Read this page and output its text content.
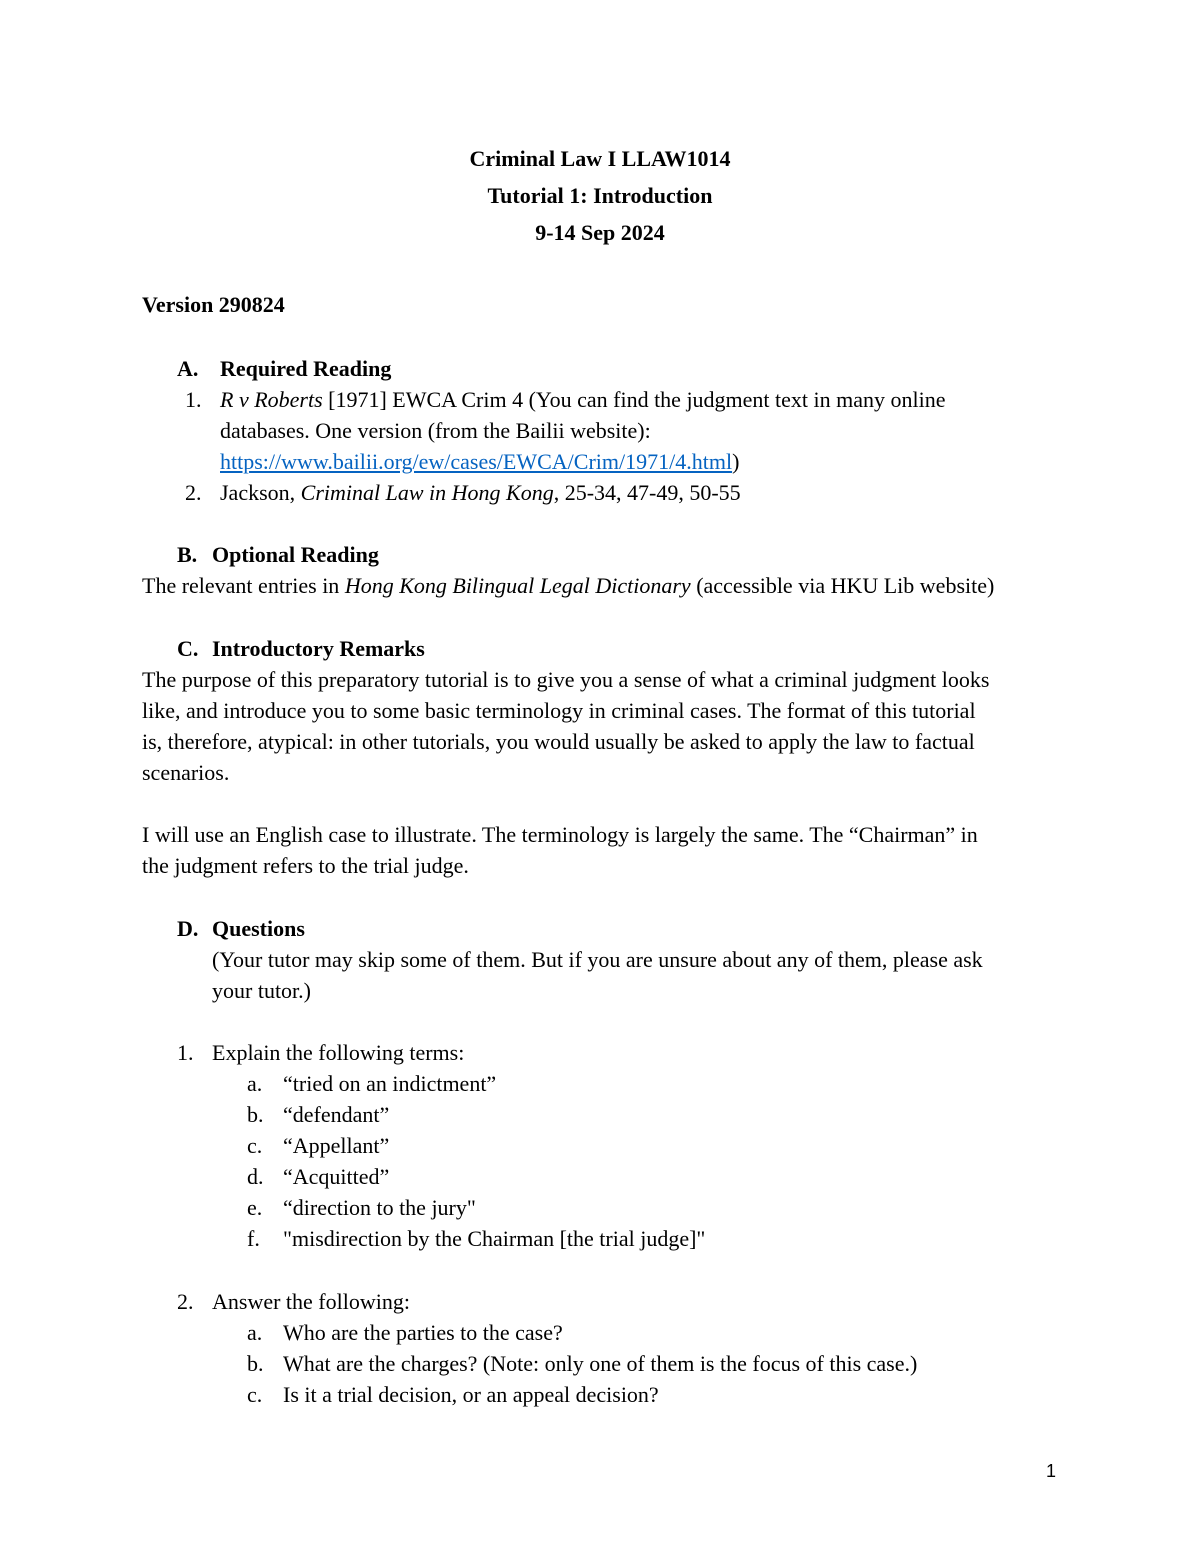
Criminal Law I LLAW1014
Tutorial 1: Introduction
9-14 Sep 2024
Version 290824
A. Required Reading
1. R v Roberts [1971] EWCA Crim 4 (You can find the judgment text in many online
databases. One version (from the Bailii website):
https://www.bailii.org/ew/cases/EWCA/Crim/1971/4.html)
2. Jackson, Criminal Law in Hong Kong, 25-34, 47-49, 50-55
B. Optional Reading
The relevant entries in Hong Kong Bilingual Legal Dictionary (accessible via HKU Lib website)
C. Introductory Remarks
The purpose of this preparatory tutorial is to give you a sense of what a criminal judgment looks
like, and introduce you to some basic terminology in criminal cases. The format of this tutorial
is, therefore, atypical: in other tutorials, you would usually be asked to apply the law to factual
scenarios.
I will use an English case to illustrate. The terminology is largely the same. The “Chairman” in
the judgment refers to the trial judge.
D. Questions
(Your tutor may skip some of them. But if you are unsure about any of them, please ask
your tutor.)
1. Explain the following terms:
a. “tried on an indictment”
b. “defendant”
c. “Appellant”
d. “Acquitted”
e. “direction to the jury"
f. "misdirection by the Chairman [the trial judge]"
2. Answer the following:
a. Who are the parties to the case?
b. What are the charges? (Note: only one of them is the focus of this case.)
c. Is it a trial decision, or an appeal decision?
1
